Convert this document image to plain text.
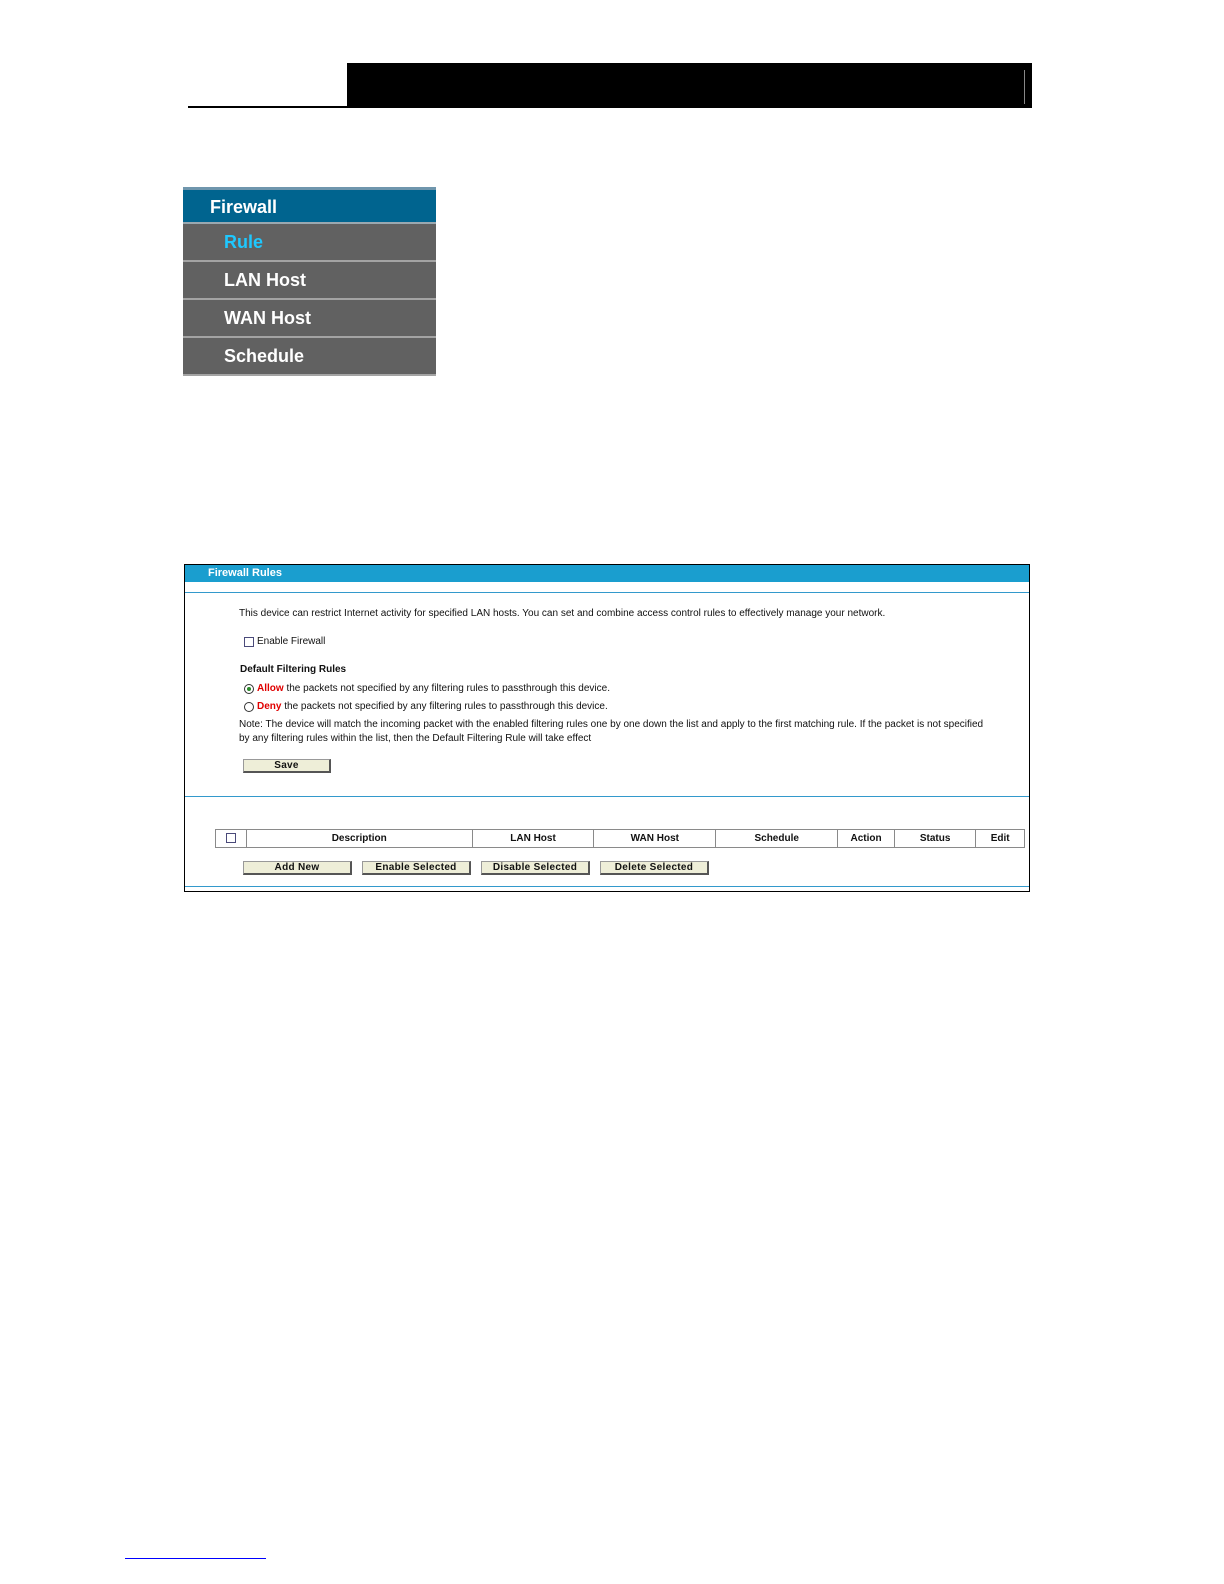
Firewall
Rule
LAN Host
WAN Host
Schedule
Firewall Rules
This device can restrict Internet activity for specified LAN hosts. You can set and combine access control rules to effectively manage your network.
Enable Firewall
Default Filtering Rules
Allow the packets not specified by any filtering rules to passthrough this device.
Deny the packets not specified by any filtering rules to passthrough this device.
Note: The device will match the incoming packet with the enabled filtering rules one by one down the list and apply to the first matching rule. If the packet is not specified
by any filtering rules within the list, then the Default Filtering Rule will take effect
Save
	Description	LAN Host	WAN Host	Schedule	Action	Status	Edit
Add New	Enable Selected	Disable Selected	Delete Selected
